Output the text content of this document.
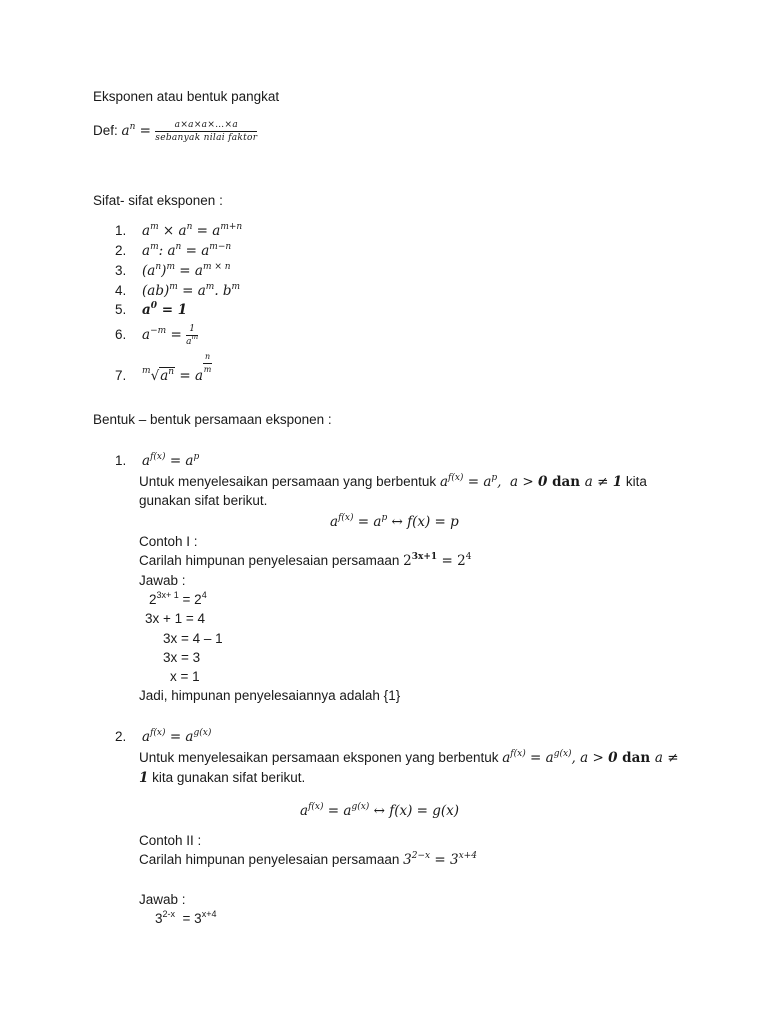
Eksponen atau bentuk pangkat
Def: $a^n = \frac{a\times a\times a\times\dots\times a}{\text{sebanyak nilai faktor}}$
Sifat- sifat eksponen :
1. $a^m \times a^n = a^{m+n}$
2. $a^m$: $a^n = a^{m-n}$
3. $(a^n)^m = a^{m \times n}$
4. $(ab)^m = a^m$. $b^m$
5. $a^0 = 1$
6. $a^{-m} = \frac{1}{a^m}$
7. $^m√a^n = a$
$\frac{n}{m}$
Bentuk – bentuk persamaan eksponen :
1. $a^{f(x)} = a^p$
Untuk menyelesaikan persamaan yang berbentuk $a^{f(x)} = a^p$,  a > 0 dan a ≠ 1 kita
gunakan sifat berikut.
$a^{f(x)} = a^p$ ↔ f(x) = p
Contoh I :
Carilah himpunan penyelesaian persamaan $2^{3x+1} = 2^4$
Jawab :
$2^{3x+ 1} = 2^4$
3x + 1 = 4
3x = 4 – 1
3x = 3
x = 1
Jadi, himpunan penyelesaiannya adalah {1}
2. $a^{f(x)} = a^{g(x)}$
Untuk menyelesaikan persamaan eksponen yang berbentuk $a^{f(x)} = a^{g(x)}$, a > 0 dan a ≠
1 kita gunakan sifat berikut.
$a^{f(x)} = a^{g(x)}$ ↔ f(x) = g(x)
Contoh II :
Carilah himpunan penyelesaian persamaan $3^{2-x} = 3^{x+4}$
Jawab :
$3^{2-x} = 3^{x+4}$
